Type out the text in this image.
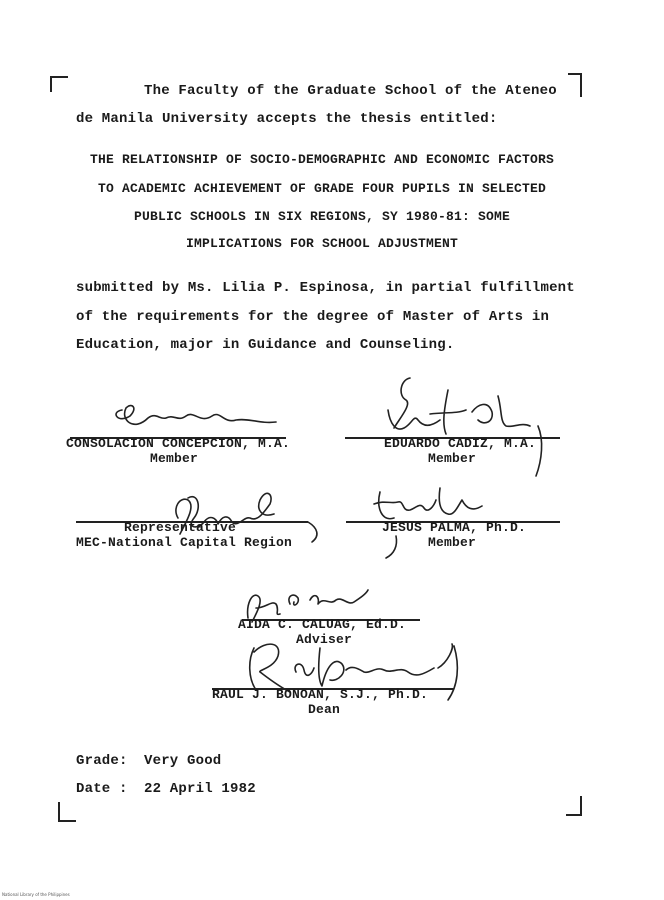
The Faculty of the Graduate School of the Ateneo
de Manila University accepts the thesis entitled:
THE RELATIONSHIP OF SOCIO-DEMOGRAPHIC AND ECONOMIC FACTORS
TO ACADEMIC ACHIEVEMENT OF GRADE FOUR PUPILS IN SELECTED
PUBLIC SCHOOLS IN SIX REGIONS, SY 1980-81: SOME
IMPLICATIONS FOR SCHOOL ADJUSTMENT
submitted by Ms. Lilia P. Espinosa, in partial fulfillment
of the requirements for the degree of Master of Arts in
Education, major in Guidance and Counseling.
CONSOLACION CONCEPCION, M.A.
Member
EDUARDO CADIZ, M.A.
Member
Representative
MEC-National Capital Region
JESUS PALMA, Ph.D.
Member
AIDA C. CALUAG, Ed.D.
Adviser
RAUL J. BONOAN, S.J., Ph.D.
Dean
Grade: Very Good
Date : 22 April 1982
National Library of the Philippines
